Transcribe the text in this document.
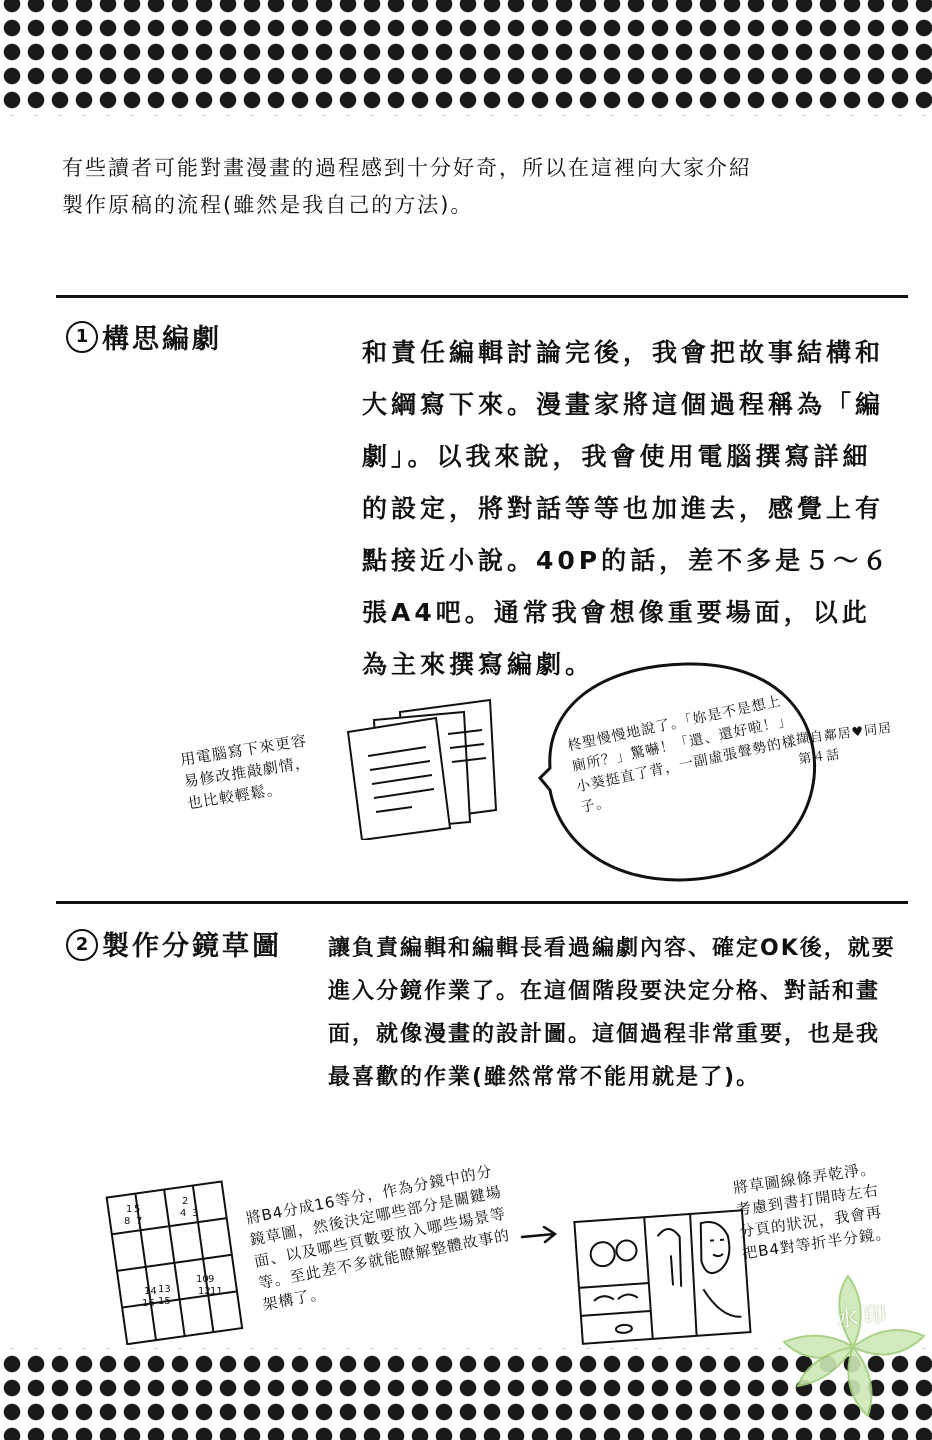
有些讀者可能對畫漫畫的過程感到十分好奇，所以在這裡向大家介紹
製作原稿的流程(雖然是我自己的方法)。
1 構思編劇	和責任編輯討論完後，我會把故事結構和大綱寫下來。漫畫家將這個過程稱為「編劇」。以我來說，我會使用電腦撰寫詳細的設定，將對話等等也加進去，感覺上有點接近小說。40P的話，差不多是５～６張A4吧。通常我會想像重要場面，以此為主來撰寫編劇。
用電腦寫下來更容易修改推敲劇情，也比較輕鬆。
柊聖慢慢地說了。「妳是不是想上廁所？」驚嚇！「還、還好啦！」小葵挺直了背，一副虛張聲勢的樣子。
擷自鄰居♥同居第４話
2 製作分鏡草圖 讓負責編輯和編輯長看過編劇內容、確定OK後，就要進入分鏡作業了。在這個階段要決定分格、對話和畫面，就像漫畫的設計圖。這個過程非常重要，也是我最喜歡的作業(雖然常常不能用就是了)。
1 5
8 7
2
4 3
14 13
16 15
10 9
12 11
將B4分成16等分，作為分鏡中的分鏡草圖，然後決定哪些部分是關鍵場面、以及哪些頁數要放入哪些場景等等。至此差不多就能瞭解整體故事的架構了。
將草圖線條弄乾淨。考慮到書打開時左右分頁的狀況，我會再把B4對等折半分鏡。
水印
